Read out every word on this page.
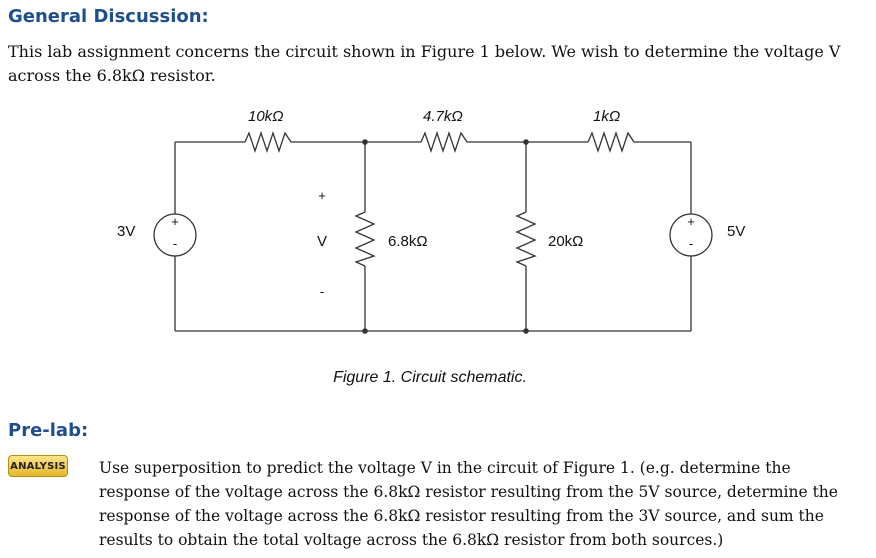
General Discussion:

This lab assignment concerns the circuit shown in Figure 1 below. We wish to determine the voltage V across the 6.8kΩ resistor.

10kΩ	4.7kΩ	1kΩ
6.8kΩ	20kΩ
3V	5V
V
+
-
+
-
+
-
Figure 1. Circuit schematic.
Pre-lab:
ANALYSIS Use superposition to predict the voltage V in the circuit of Figure 1. (e.g. determine the response of the voltage across the 6.8kΩ resistor resulting from the 5V source, determine the response of the voltage across the 6.8kΩ resistor resulting from the 3V source, and sum the results to obtain the total voltage across the 6.8kΩ resistor from both sources.)
